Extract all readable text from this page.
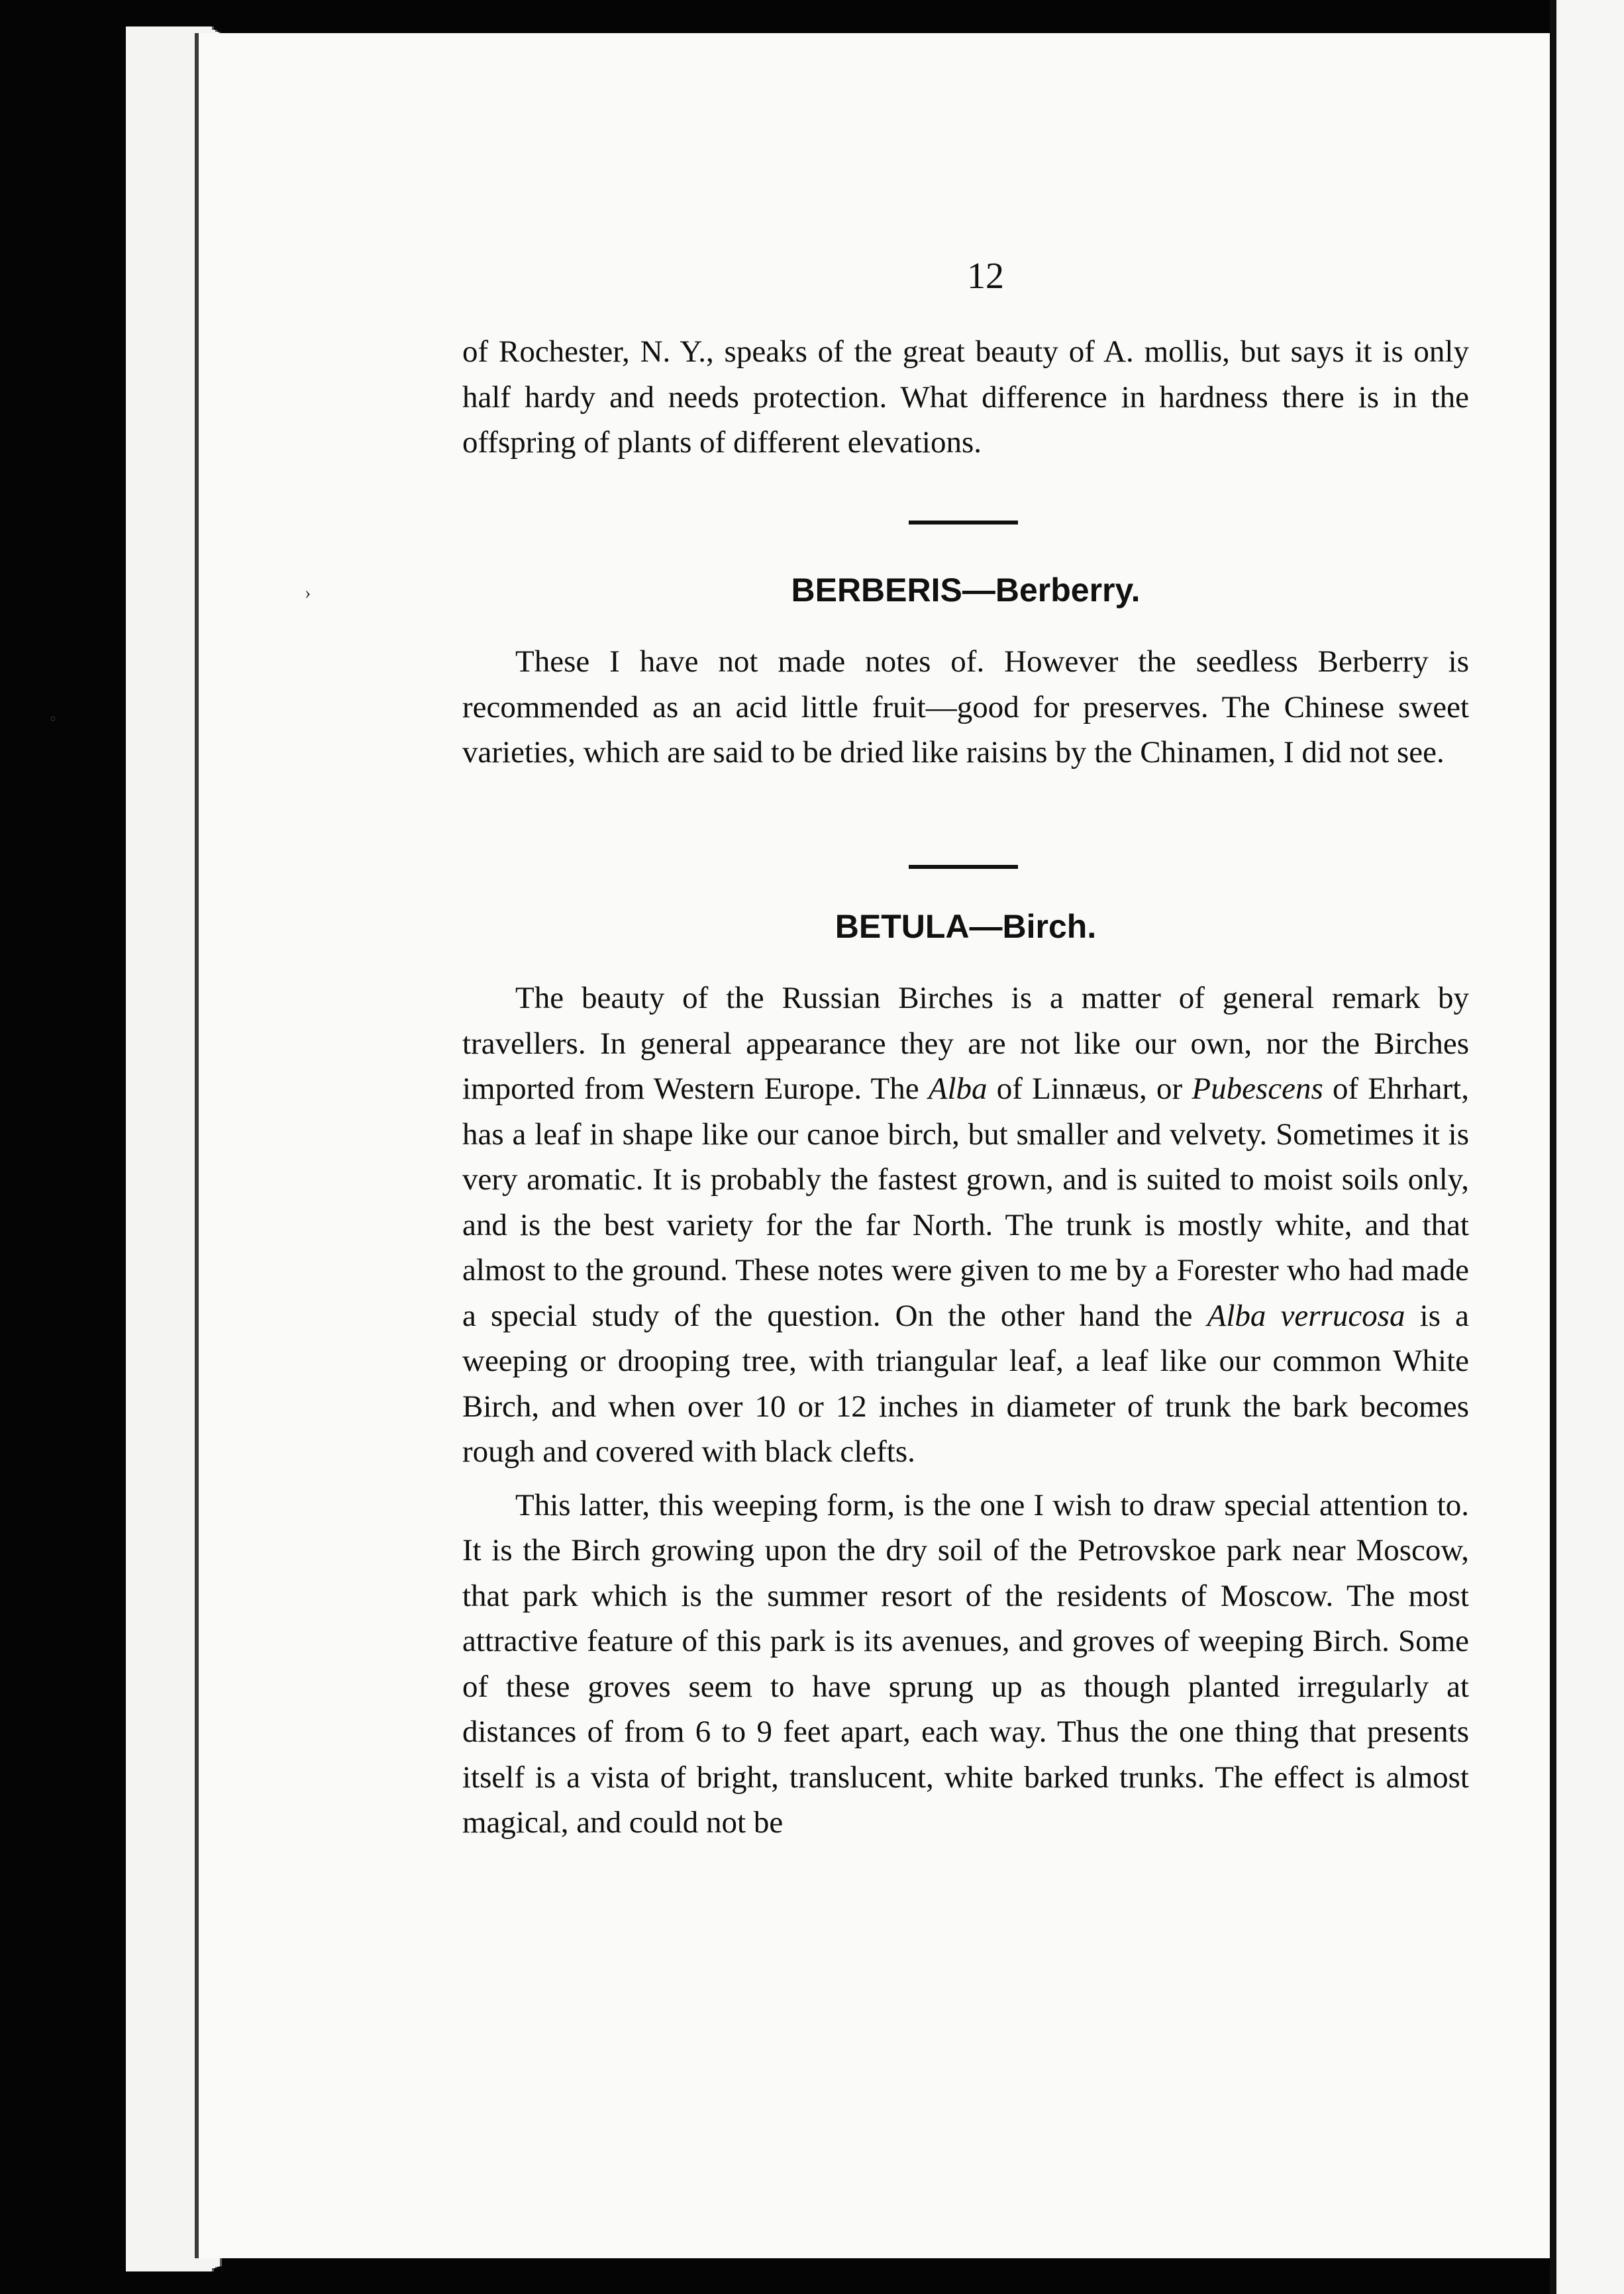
›
◦
12

of Rochester, N. Y., speaks of the great beauty of A. mollis, but says it is only half hardy and needs protection. What difference in hardness there is in the offspring of plants of different elevations.

BERBERIS—Berberry.

These I have not made notes of. However the seedless Berberry is recommended as an acid little fruit—good for preserves. The Chinese sweet varieties, which are said to be dried like raisins by the Chinamen, I did not see.

BETULA—Birch.

The beauty of the Russian Birches is a matter of general remark by travellers. In general appearance they are not like our own, nor the Birches imported from Western Europe. The Alba of Linnæus, or Pubescens of Ehrhart, has a leaf in shape like our canoe birch, but smaller and velvety. Sometimes it is very aromatic. It is probably the fastest grown, and is suited to moist soils only, and is the best variety for the far North. The trunk is mostly white, and that almost to the ground. These notes were given to me by a Forester who had made a special study of the question. On the other hand the Alba verrucosa is a weeping or drooping tree, with triangular leaf, a leaf like our common White Birch, and when over 10 or 12 inches in diameter of trunk the bark becomes rough and covered with black clefts.

This latter, this weeping form, is the one I wish to draw special attention to. It is the Birch growing upon the dry soil of the Petrovskoe park near Moscow, that park which is the summer resort of the residents of Moscow. The most attractive feature of this park is its avenues, and groves of weeping Birch. Some of these groves seem to have sprung up as though planted irregularly at distances of from 6 to 9 feet apart, each way. Thus the one thing that presents itself is a vista of bright, translucent, white barked trunks. The effect is almost magical, and could not be
